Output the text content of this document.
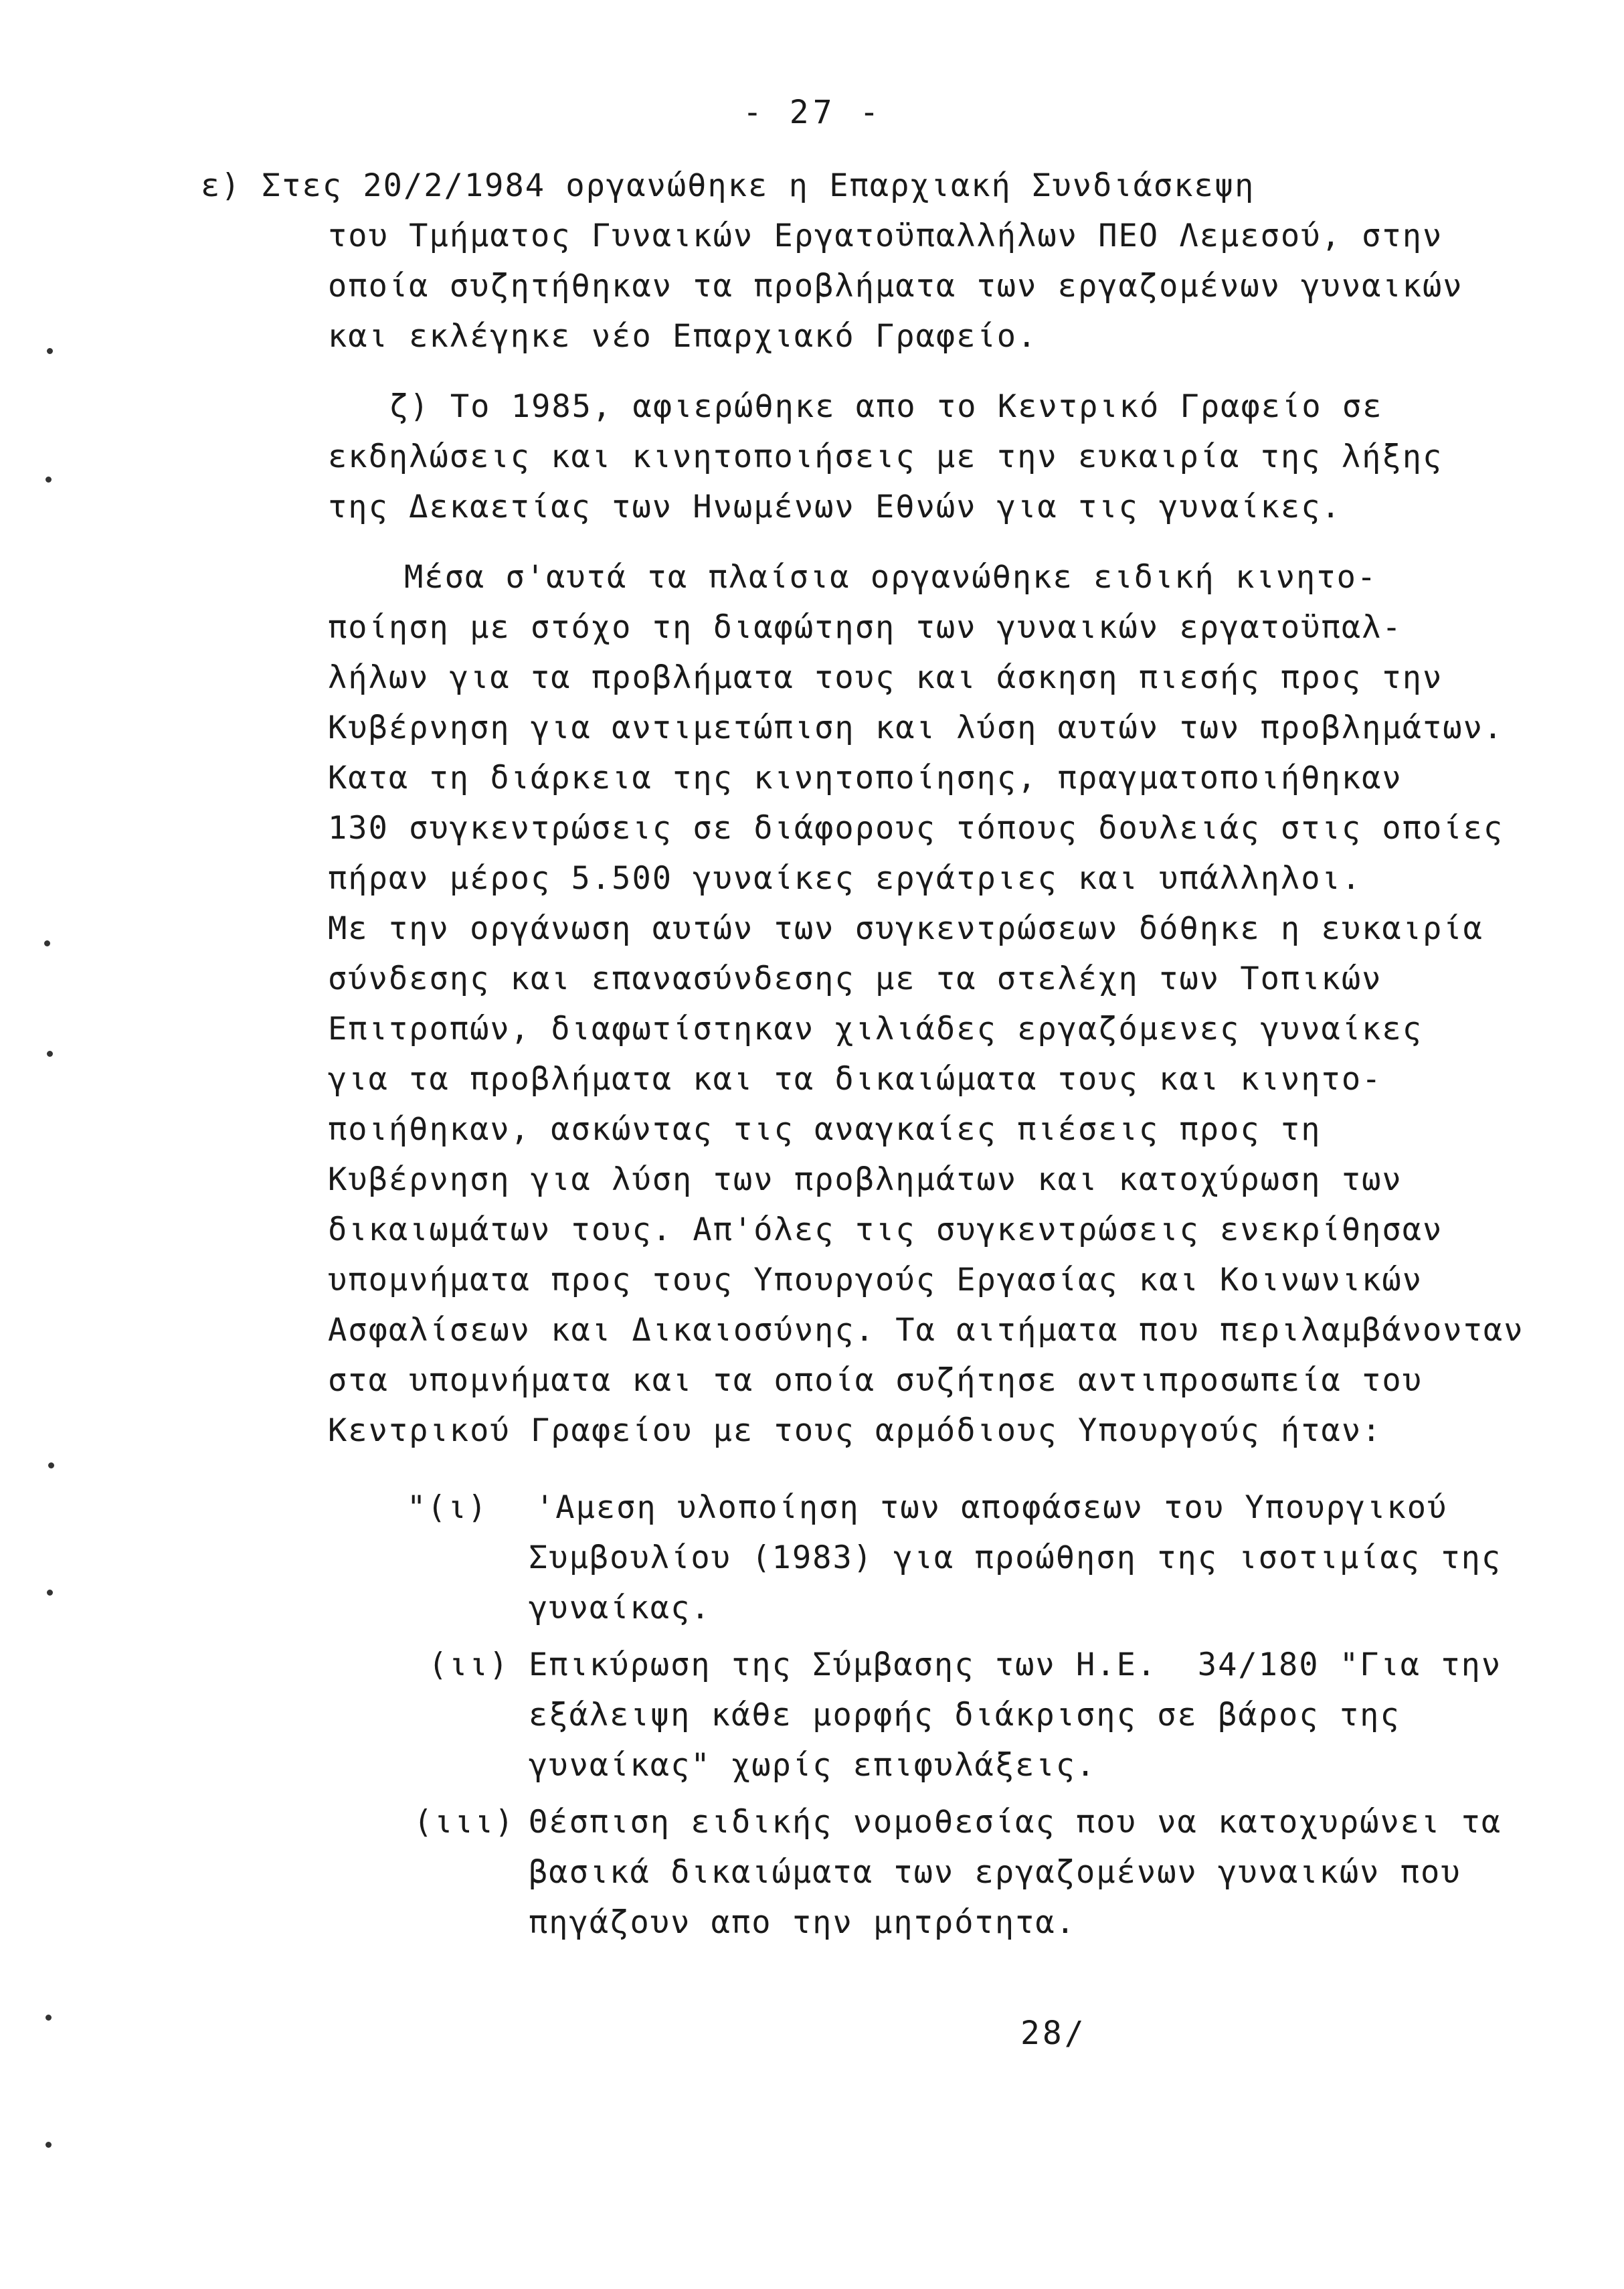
- 27 -
ε) Στες 20/2/1984 οργανώθηκε η Επαρχιακή Συνδιάσκεψη
του Τμήματος Γυναικών Εργατοϋπαλλήλων ΠΕΟ Λεμεσού, στην
οποία συζητήθηκαν τα προβλήματα των εργαζομένων γυναικών
και εκλέγηκε νέο Επαρχιακό Γραφείο.
ζ) Το 1985, αφιερώθηκε απο το Κεντρικό Γραφείο σε
εκδηλώσεις και κινητοποιήσεις με την ευκαιρία της λήξης
της Δεκαετίας των Ηνωμένων Εθνών για τις γυναίκες.
Μέσα σ'αυτά τα πλαίσια οργανώθηκε ειδική κινητο-
ποίηση με στόχο τη διαφώτηση των γυναικών εργατοϋπαλ-
λήλων για τα προβλήματα τους και άσκηση πιεσής προς την
Κυβέρνηση για αντιμετώπιση και λύση αυτών των προβλημάτων.
Κατα τη διάρκεια της κινητοποίησης, πραγματοποιήθηκαν
130 συγκεντρώσεις σε διάφορους τόπους δουλειάς στις οποίες
πήραν μέρος 5.500 γυναίκες εργάτριες και υπάλληλοι.
Με την οργάνωση αυτών των συγκεντρώσεων δόθηκε η ευκαιρία
σύνδεσης και επανασύνδεσης με τα στελέχη των Τοπικών
Επιτροπών, διαφωτίστηκαν χιλιάδες εργαζόμενες γυναίκες
για τα προβλήματα και τα δικαιώματα τους και κινητο-
ποιήθηκαν, ασκώντας τις αναγκαίες πιέσεις προς τη
Κυβέρνηση για λύση των προβλημάτων και κατοχύρωση των
δικαιωμάτων τους. Απ'όλες τις συγκεντρώσεις ενεκρίθησαν
υπομνήματα προς τους Υπουργούς Εργασίας και Κοινωνικών
Ασφαλίσεων και Δικαιοσύνης. Τα αιτήματα που περιλαμβάνονταν
στα υπομνήματα και τα οποία συζήτησε αντιπροσωπεία του
Κεντρικού Γραφείου με τους αρμόδιους Υπουργούς ήταν:
"(ι) 'Αμεση υλοποίηση των αποφάσεων του Υπουργικού
Συμβουλίου (1983) για προώθηση της ισοτιμίας της
γυναίκας.
(ιι) Επικύρωση της Σύμβασης των Η.Ε.  34/180 "Για την
εξάλειψη κάθε μορφής διάκρισης σε βάρος της
γυναίκας" χωρίς επιφυλάξεις.
(ιιι) Θέσπιση ειδικής νομοθεσίας που να κατοχυρώνει τα
βασικά δικαιώματα των εργαζομένων γυναικών που
πηγάζουν απο την μητρότητα.
28/
